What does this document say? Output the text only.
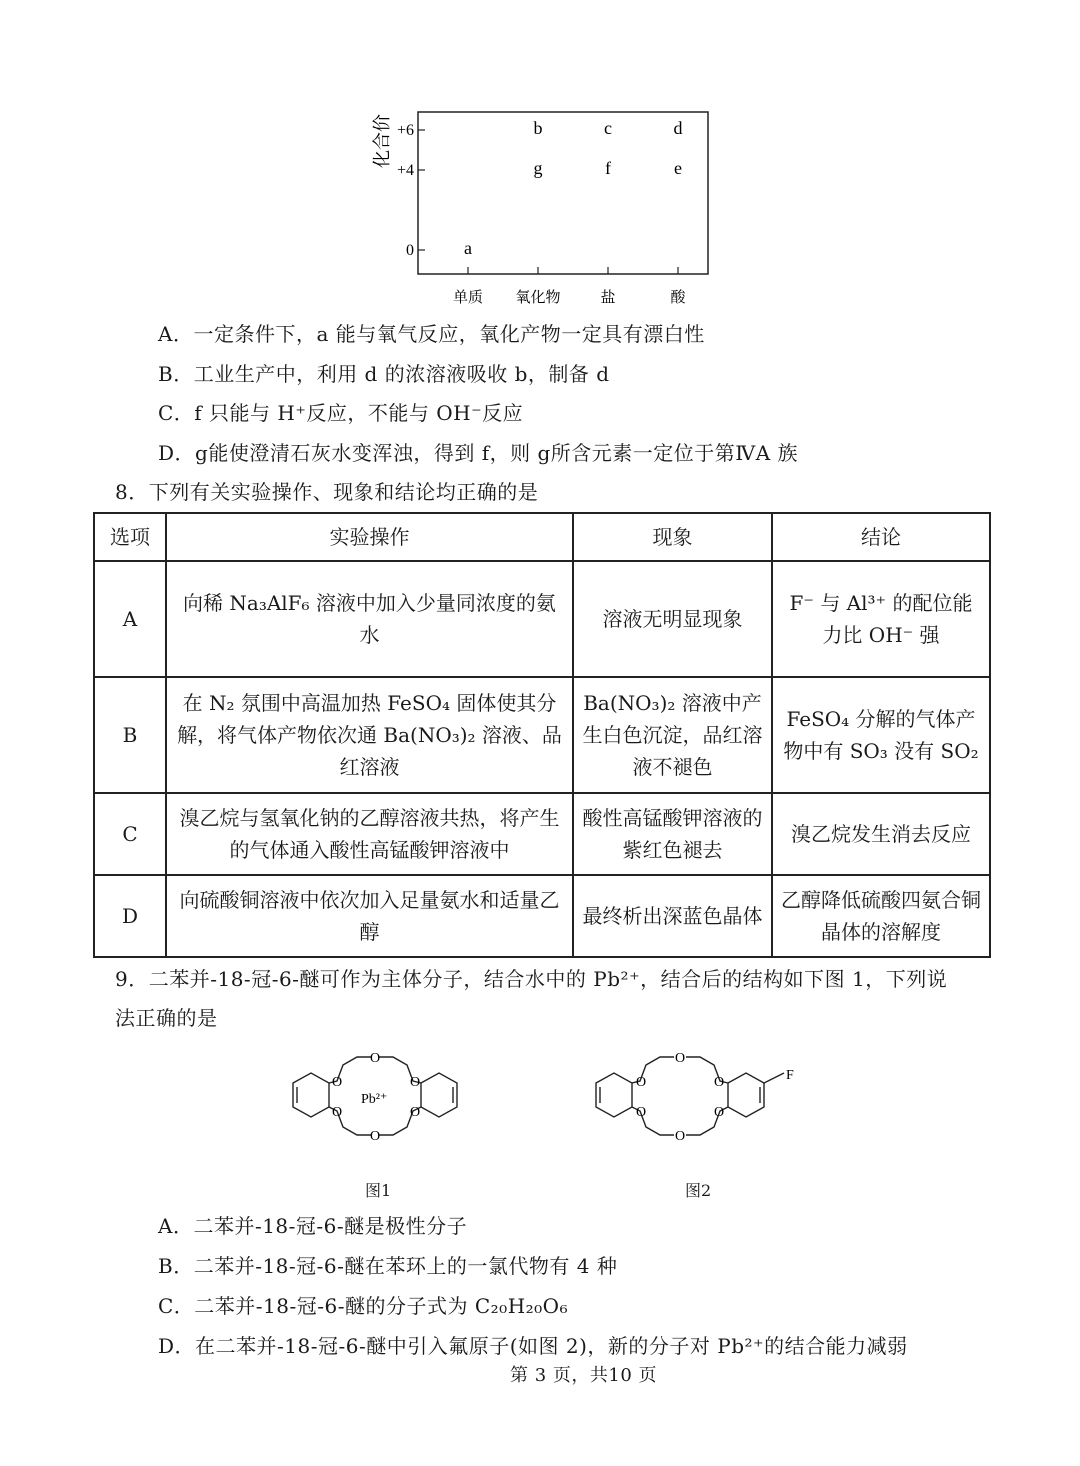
化合价 +6
+4
0
单质 氧化物	盐	酸
a
b	c	d
g	f	e
A．一定条件下，a 能与氧气反应，氧化产物一定具有漂白性
B．工业生产中，利用 d 的浓溶液吸收 b，制备 d
C．f 只能与 H⁺反应，不能与 OH⁻反应
D．g能使澄清石灰水变浑浊，得到 f，则 g所含元素一定位于第ⅣA 族
8．下列有关实验操作、现象和结论均正确的是
选项	实验操作	现象	结论
A	向稀 Na₃AlF₆ 溶液中加入少量同浓度的氨水	溶液无明显现象	F⁻ 与 Al³⁺ 的配位能力比 OH⁻ 强
B	在 N₂ 氛围中高温加热 FeSO₄ 固体使其分解，将气体产物依次通 Ba(NO₃)₂ 溶液、品红溶液	Ba(NO₃)₂ 溶液中产生白色沉淀，品红溶液不褪色	FeSO₄ 分解的气体产物中有 SO₃ 没有 SO₂
C	溴乙烷与氢氧化钠的乙醇溶液共热，将产生的气体通入酸性高锰酸钾溶液中	酸性高锰酸钾溶液的紫红色褪去	溴乙烷发生消去反应
D	向硫酸铜溶液中依次加入足量氨水和适量乙醇	最终析出深蓝色晶体	乙醇降低硫酸四氨合铜晶体的溶解度
9．二苯并-18-冠-6-醚可作为主体分子，结合水中的 Pb²⁺，结合后的结构如下图 1，下列说
法正确的是
O	O
O
O	O
O
Pb²⁺
图1
O	O
O
O	O
O
F
图2
A．二苯并-18-冠-6-醚是极性分子
B．二苯并-18-冠-6-醚在苯环上的一氯代物有 4 种
C．二苯并-18-冠-6-醚的分子式为 C₂₀H₂₀O₆
D．在二苯并-18-冠-6-醚中引入氟原子(如图 2)，新的分子对 Pb²⁺的结合能力减弱
第 3 页，共10 页
